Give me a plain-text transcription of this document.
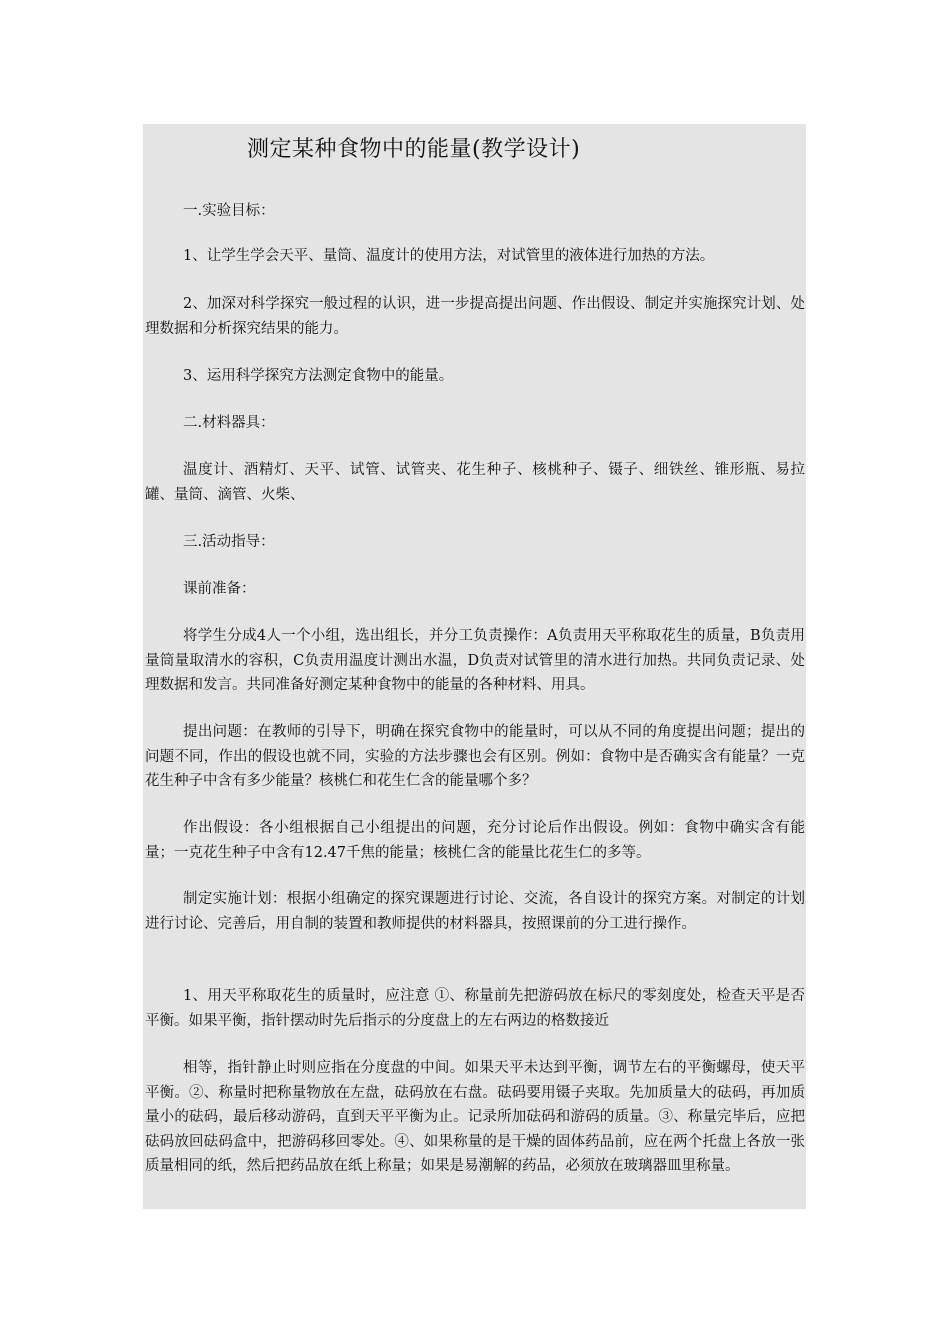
测定某种食物中的能量(教学设计)

一.实验目标：

1、让学生学会天平、量筒、温度计的使用方法，对试管里的液体进行加热的方法。

2、加深对科学探究一般过程的认识，进一步提高提出问题、作出假设、制定并实施探究计划、处理数据和分析探究结果的能力。

3、运用科学探究方法测定食物中的能量。

二.材料器具：

温度计、酒精灯、天平、试管、试管夹、花生种子、核桃种子、镊子、细铁丝、锥形瓶、易拉罐、量筒、滴管、火柴、

三.活动指导：

课前准备：

将学生分成4人一个小组，选出组长，并分工负责操作：A负责用天平称取花生的质量，B负责用量筒量取清水的容积，C负责用温度计测出水温，D负责对试管里的清水进行加热。共同负责记录、处理数据和发言。共同准备好测定某种食物中的能量的各种材料、用具。

提出问题：在教师的引导下，明确在探究食物中的能量时，可以从不同的角度提出问题；提出的问题不同，作出的假设也就不同，实验的方法步骤也会有区别。例如：食物中是否确实含有能量？一克花生种子中含有多少能量？核桃仁和花生仁含的能量哪个多？

作出假设：各小组根据自己小组提出的问题，充分讨论后作出假设。例如：食物中确实含有能量；一克花生种子中含有12.47千焦的能量；核桃仁含的能量比花生仁的多等。

制定实施计划：根据小组确定的探究课题进行讨论、交流，各自设计的探究方案。对制定的计划进行讨论、完善后，用自制的装置和教师提供的材料器具，按照课前的分工进行操作。

1、用天平称取花生的质量时，应注意 ①、称量前先把游码放在标尺的零刻度处，检查天平是否平衡。如果平衡，指针摆动时先后指示的分度盘上的左右两边的格数接近

相等，指针静止时则应指在分度盘的中间。如果天平未达到平衡，调节左右的平衡螺母，使天平平衡。②、称量时把称量物放在左盘，砝码放在右盘。砝码要用镊子夹取。先加质量大的砝码，再加质量小的砝码，最后移动游码，直到天平平衡为止。记录所加砝码和游码的质量。③、称量完毕后，应把砝码放回砝码盒中，把游码移回零处。④、如果称量的是干燥的固体药品前，应在两个托盘上各放一张质量相同的纸，然后把药品放在纸上称量；如果是易潮解的药品，必须放在玻璃器皿里称量。
